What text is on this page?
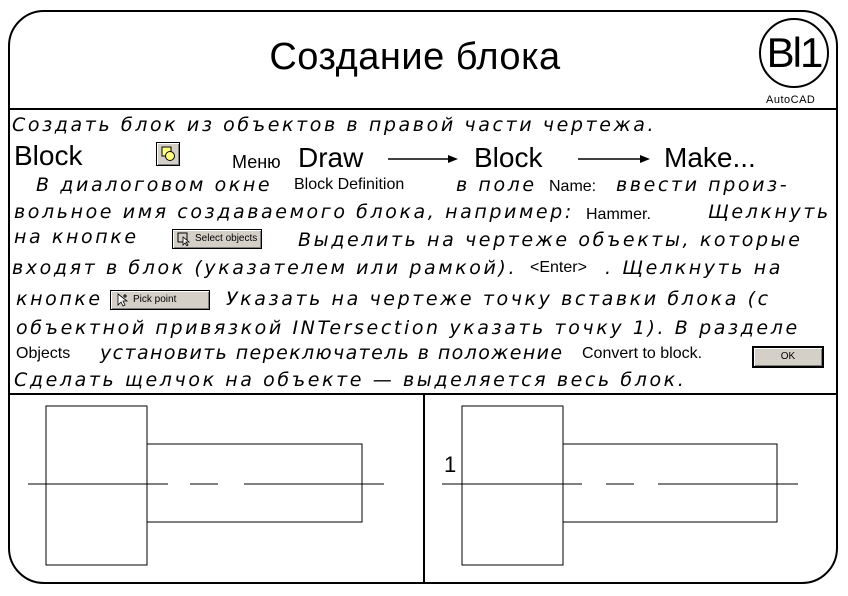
Создание блока	Bl1
AutoCAD
Создать блок из объектов в правой части чертежа.
Block	Меню Draw	Block	Make...
В диалоговом окне Block Definition	в поле Name: ввести произ-
вольное имя создаваемого блока, например: Hammer.	Щелкнуть
на кнопке	Select objects Выделить на чертеже объекты, которые
входят в блок (указателем или рамкой). <Enter> . Щелкнуть на
кнопке	Pick point	Указать на чертеже точку вставки блока (с
объектной привязкой INTersection указать точку 1). В разделе
Objects установить переключатель в положение Convert to block.	OK
Сделать щелчок на объекте — выделяется весь блок.
1
